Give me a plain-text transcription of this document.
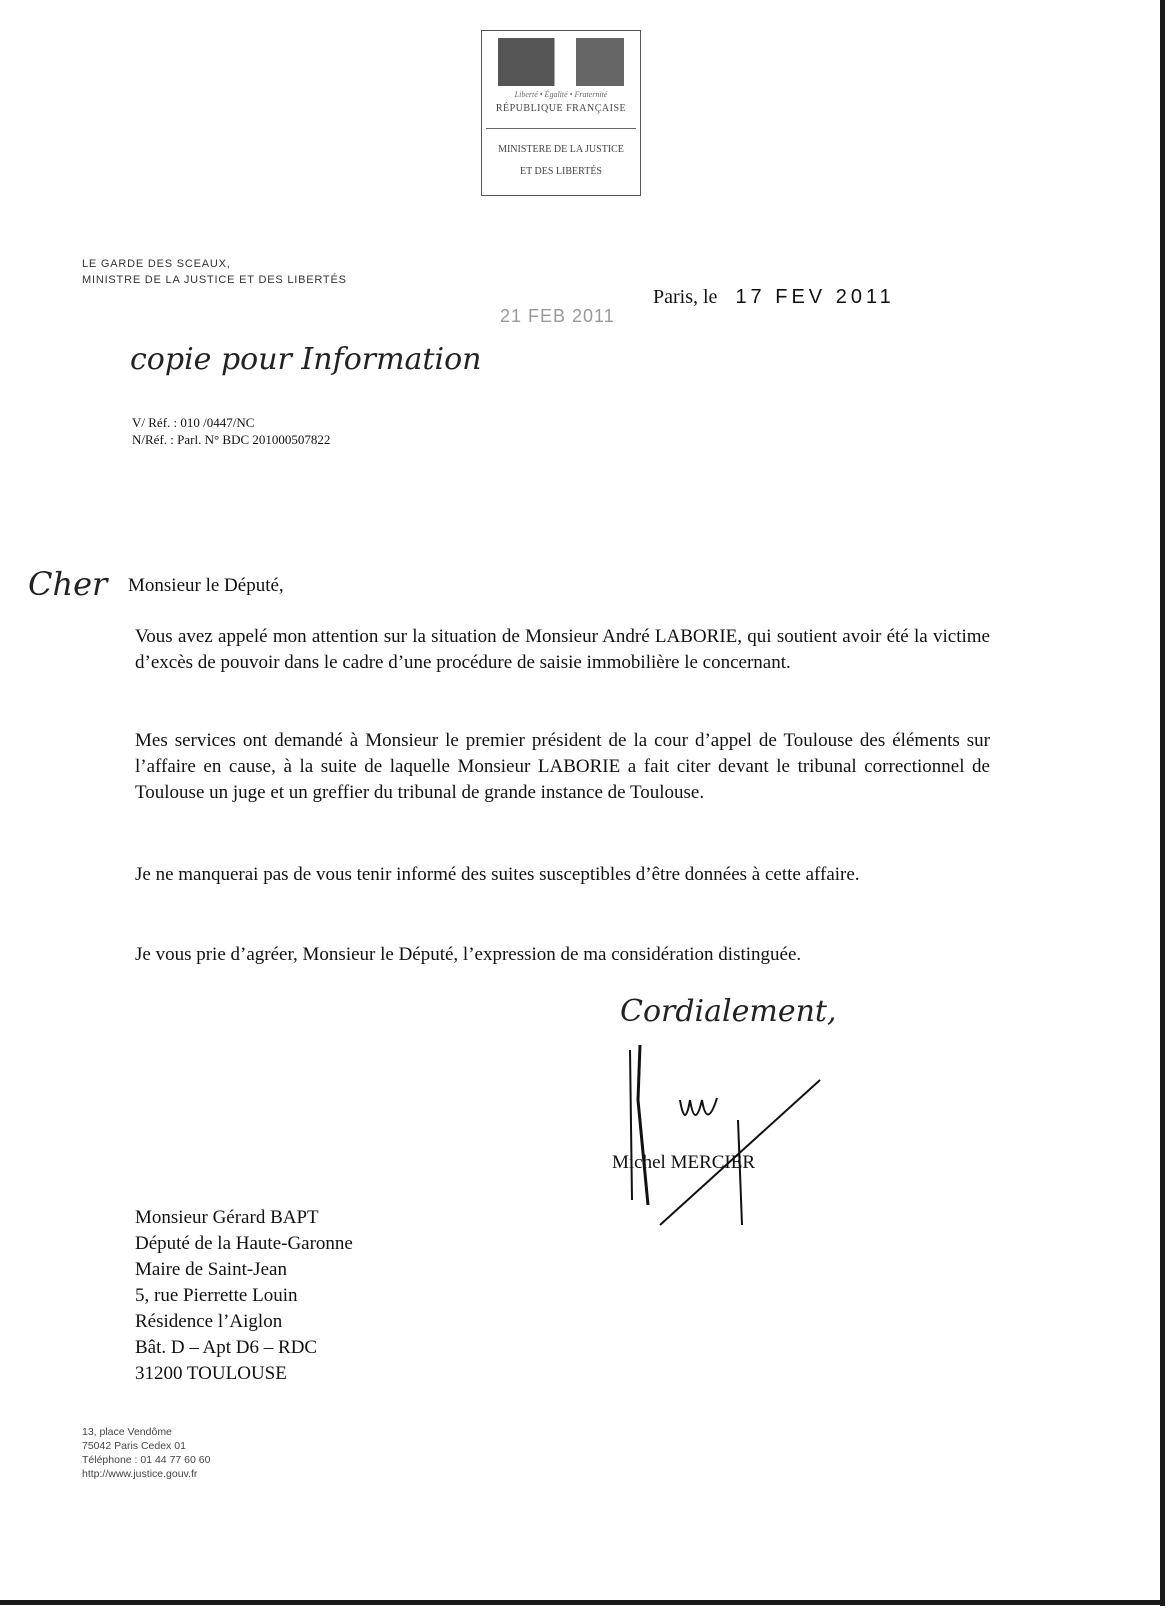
Liberté • Égalité • Fraternité
RÉPUBLIQUE FRANÇAISE
MINISTERE DE LA JUSTICE
ET DES LIBERTÉS
LE GARDE DES SCEAUX,
MINISTRE DE LA JUSTICE ET DES LIBERTÉS
21 FEB 2011
Paris, le 17 FEV 2011
copie pour Information
V/ Réf. : 010 /0447/NC
N/Réf. : Parl. N° BDC 201000507822
Cher Monsieur le Député,
Vous avez appelé mon attention sur la situation de Monsieur André LABORIE, qui soutient avoir été la victime d’excès de pouvoir dans le cadre d’une procédure de saisie immobilière le concernant.
Mes services ont demandé à Monsieur le premier président de la cour d’appel de Toulouse des éléments sur l’affaire en cause, à la suite de laquelle Monsieur LABORIE a fait citer devant le tribunal correctionnel de Toulouse un juge et un greffier du tribunal de grande instance de Toulouse.
Je ne manquerai pas de vous tenir informé des suites susceptibles d’être données à cette affaire.
Je vous prie d’agréer, Monsieur le Député, l’expression de ma considération distinguée.
Cordialement,
Michel MERCIER
Monsieur Gérard BAPT
Député de la Haute-Garonne
Maire de Saint-Jean
5, rue Pierrette Louin
Résidence l’Aiglon
Bât. D – Apt D6 – RDC
31200 TOULOUSE
13, place Vendôme
75042 Paris Cedex 01
Téléphone : 01 44 77 60 60
http://www.justice.gouv.fr
